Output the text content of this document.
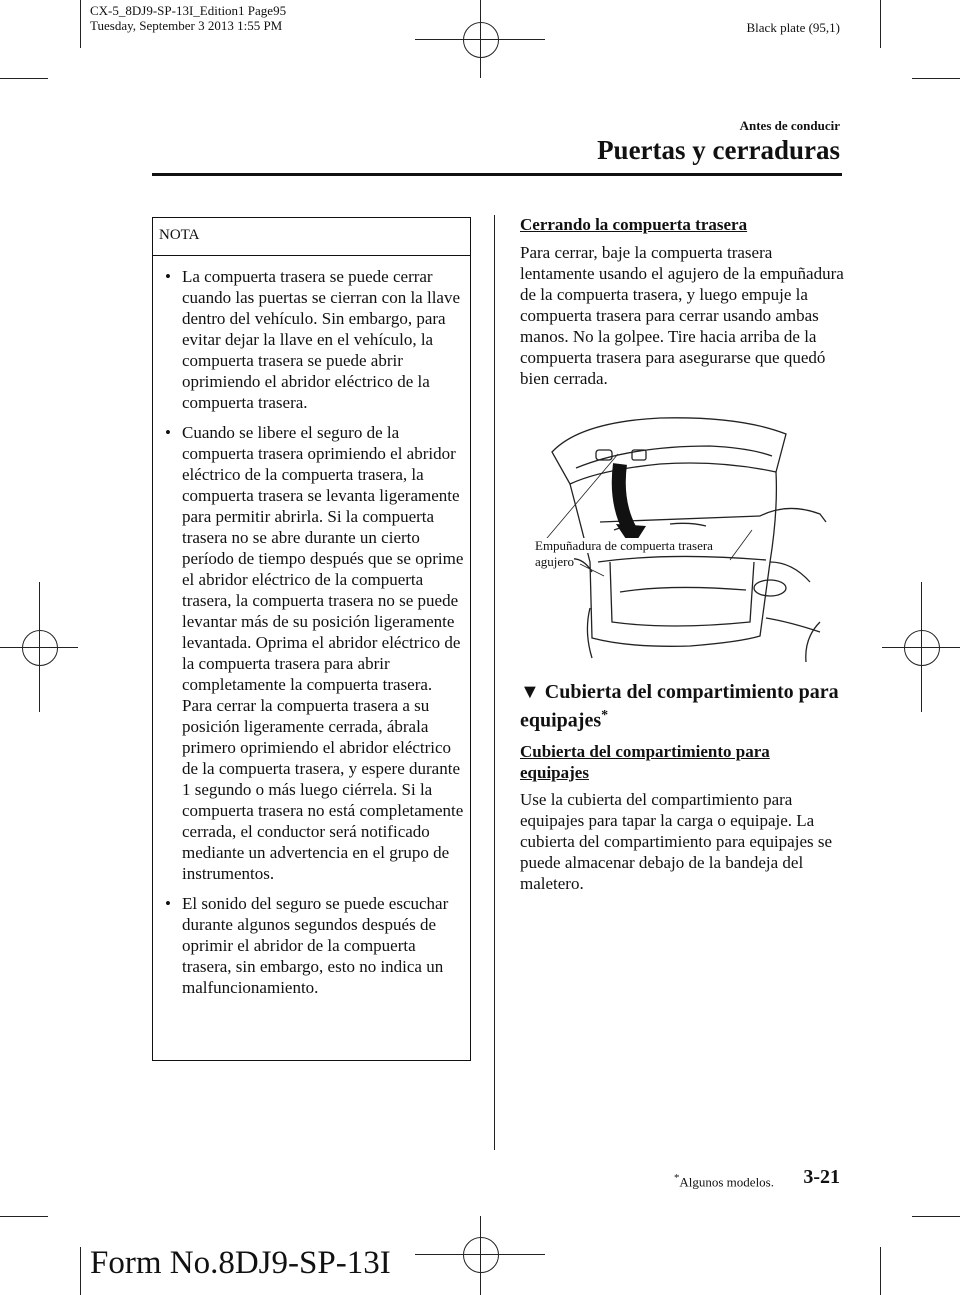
CX-5_8DJ9-SP-13I_Edition1 Page95
Tuesday, September 3 2013 1:55 PM	Black plate (95,1)
Antes de conducir
Puertas y cerraduras
NOTA
• La compuerta trasera se puede cerrar cuando las puertas se cierran con la llave dentro del vehículo. Sin embargo, para evitar dejar la llave en el vehículo, la compuerta trasera se puede abrir oprimiendo el abridor eléctrico de la compuerta trasera.
• Cuando se libere el seguro de la compuerta trasera oprimiendo el abridor eléctrico de la compuerta trasera, la compuerta trasera se levanta ligeramente para permitir abrirla. Si la compuerta trasera no se abre durante un cierto período de tiempo después que se oprime el abridor eléctrico de la compuerta trasera, la compuerta trasera no se puede levantar más de su posición ligeramente levantada. Oprima el abridor eléctrico de la compuerta trasera para abrir completamente la compuerta trasera. Para cerrar la compuerta trasera a su posición ligeramente cerrada, ábrala primero oprimiendo el abridor eléctrico de la compuerta trasera, y espere durante 1 segundo o más luego ciérrela. Si la compuerta trasera no está completamente cerrada, el conductor será notificado mediante un advertencia en el grupo de instrumentos.
• El sonido del seguro se puede escuchar durante algunos segundos después de oprimir el abridor de la compuerta trasera, sin embargo, esto no indica un malfuncionamiento.
Cerrando la compuerta trasera
Para cerrar, baje la compuerta trasera lentamente usando el agujero de la empuñadura de la compuerta trasera, y luego empuje la compuerta trasera para cerrar usando ambas manos. No la golpee. Tire hacia arriba de la compuerta trasera para asegurarse que quedó bien cerrada.
Empuñadura de compuerta trasera
agujero
▼ Cubierta del compartimiento para equipajes*
Cubierta del compartimiento para equipajes
Use la cubierta del compartimiento para equipajes para tapar la carga o equipaje. La cubierta del compartimiento para equipajes se puede almacenar debajo de la bandeja del maletero.
*Algunos modelos. 3-21
Form No.8DJ9-SP-13I
